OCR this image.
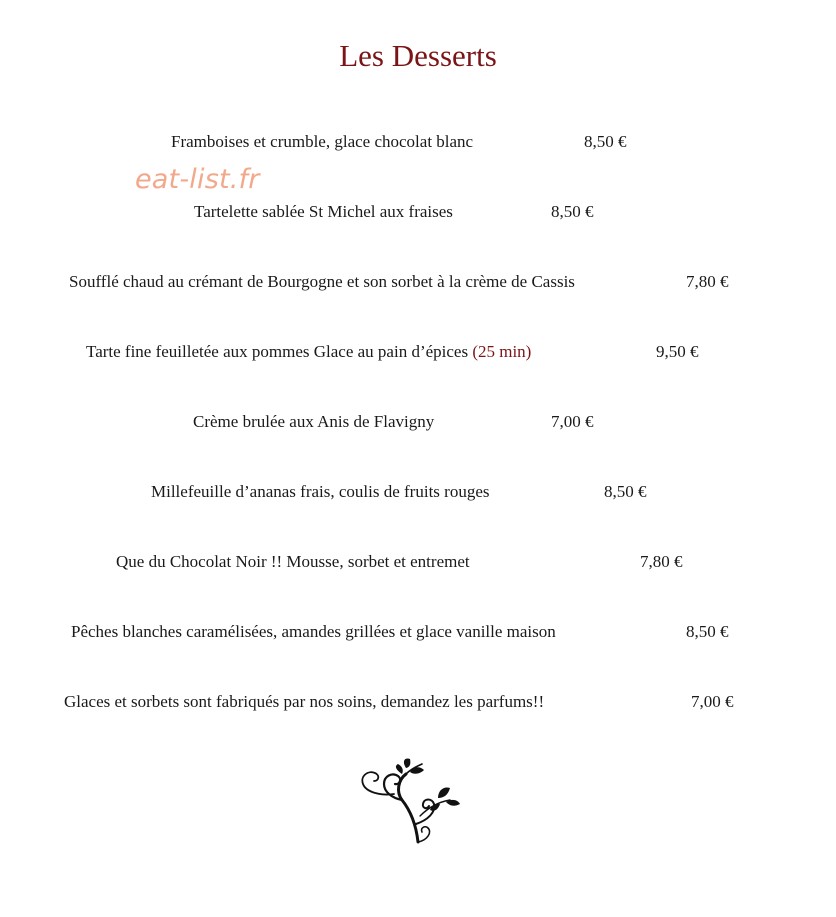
Les Desserts
eat-list.fr
Framboises et crumble, glace chocolat blanc	8,50 €
Tartelette sablée St Michel aux fraises	8,50 €
Soufflé chaud au crémant de Bourgogne et son sorbet à la crème de Cassis	7,80 €
Tarte fine feuilletée aux pommes Glace au pain d’épices (25 min)	9,50 €
Crème brulée aux Anis de Flavigny	7,00 €
Millefeuille d’ananas frais, coulis de fruits rouges	8,50 €
Que du Chocolat Noir !! Mousse, sorbet et entremet	7,80 €
Pêches blanches caramélisées, amandes grillées et glace vanille maison	8,50 €
Glaces et sorbets sont fabriqués par nos soins, demandez les parfums!!	7,00 €
